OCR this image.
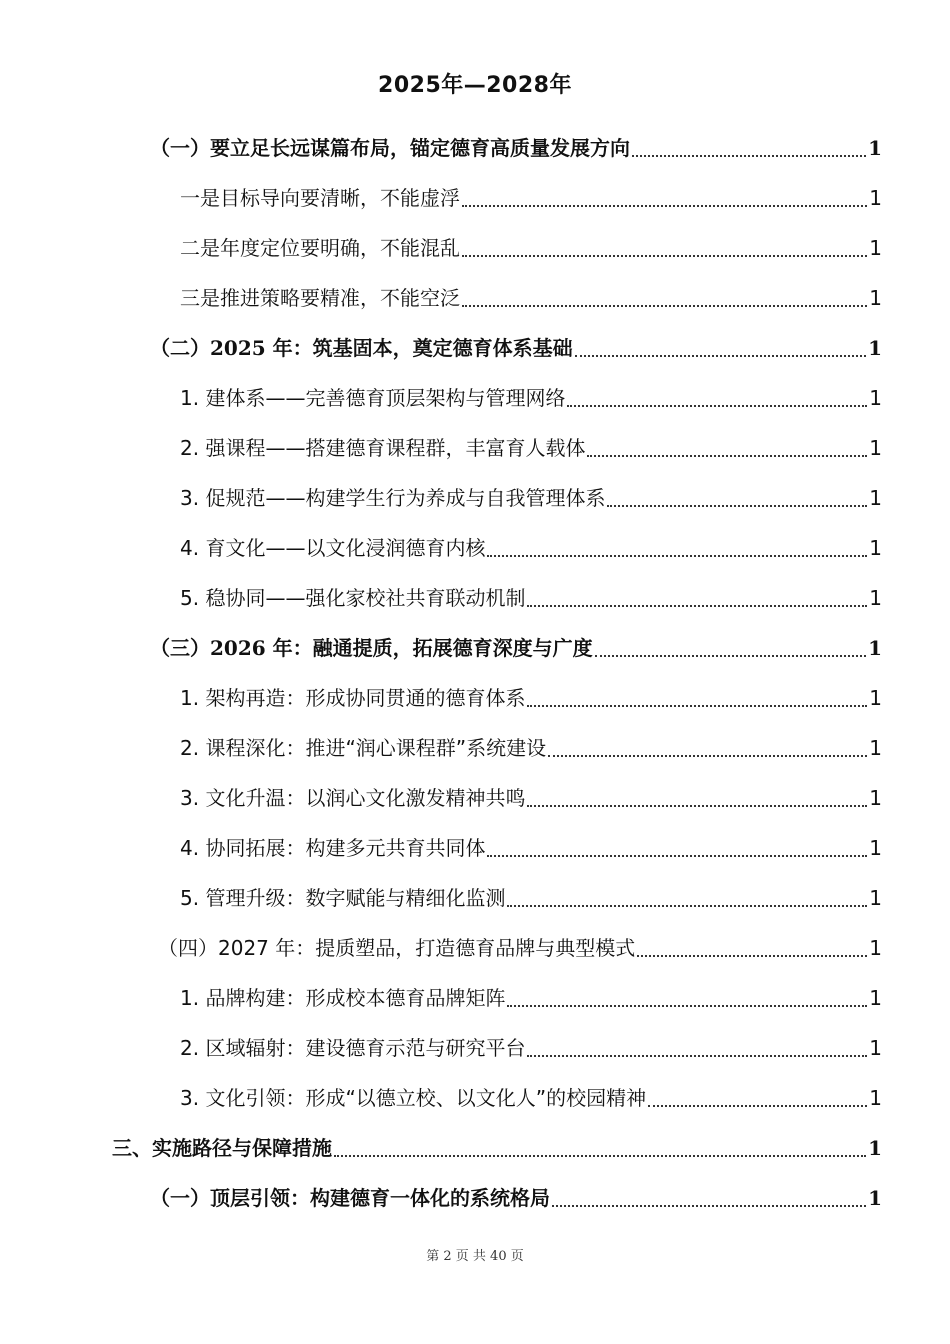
2025年—2028年
（一）要立足长远谋篇布局，锚定德育高质量发展方向	1
一是目标导向要清晰，不能虚浮	1
二是年度定位要明确，不能混乱	1
三是推进策略要精准，不能空泛	1
（二）2025 年：筑基固本，奠定德育体系基础	1
1. 建体系——完善德育顶层架构与管理网络	1
2. 强课程——搭建德育课程群，丰富育人载体	1
3. 促规范——构建学生行为养成与自我管理体系	1
4. 育文化——以文化浸润德育内核	1
5. 稳协同——强化家校社共育联动机制	1
（三）2026 年：融通提质，拓展德育深度与广度	1
1. 架构再造：形成协同贯通的德育体系	1
2. 课程深化：推进“润心课程群”系统建设	1
3. 文化升温：以润心文化激发精神共鸣	1
4. 协同拓展：构建多元共育共同体	1
5. 管理升级：数字赋能与精细化监测	1
（四）2027 年：提质塑品，打造德育品牌与典型模式	1
1. 品牌构建：形成校本德育品牌矩阵	1
2. 区域辐射：建设德育示范与研究平台	1
3. 文化引领：形成“以德立校、以文化人”的校园精神	1
三、实施路径与保障措施	1
（一）顶层引领：构建德育一体化的系统格局	1
第 2 页 共 40 页
